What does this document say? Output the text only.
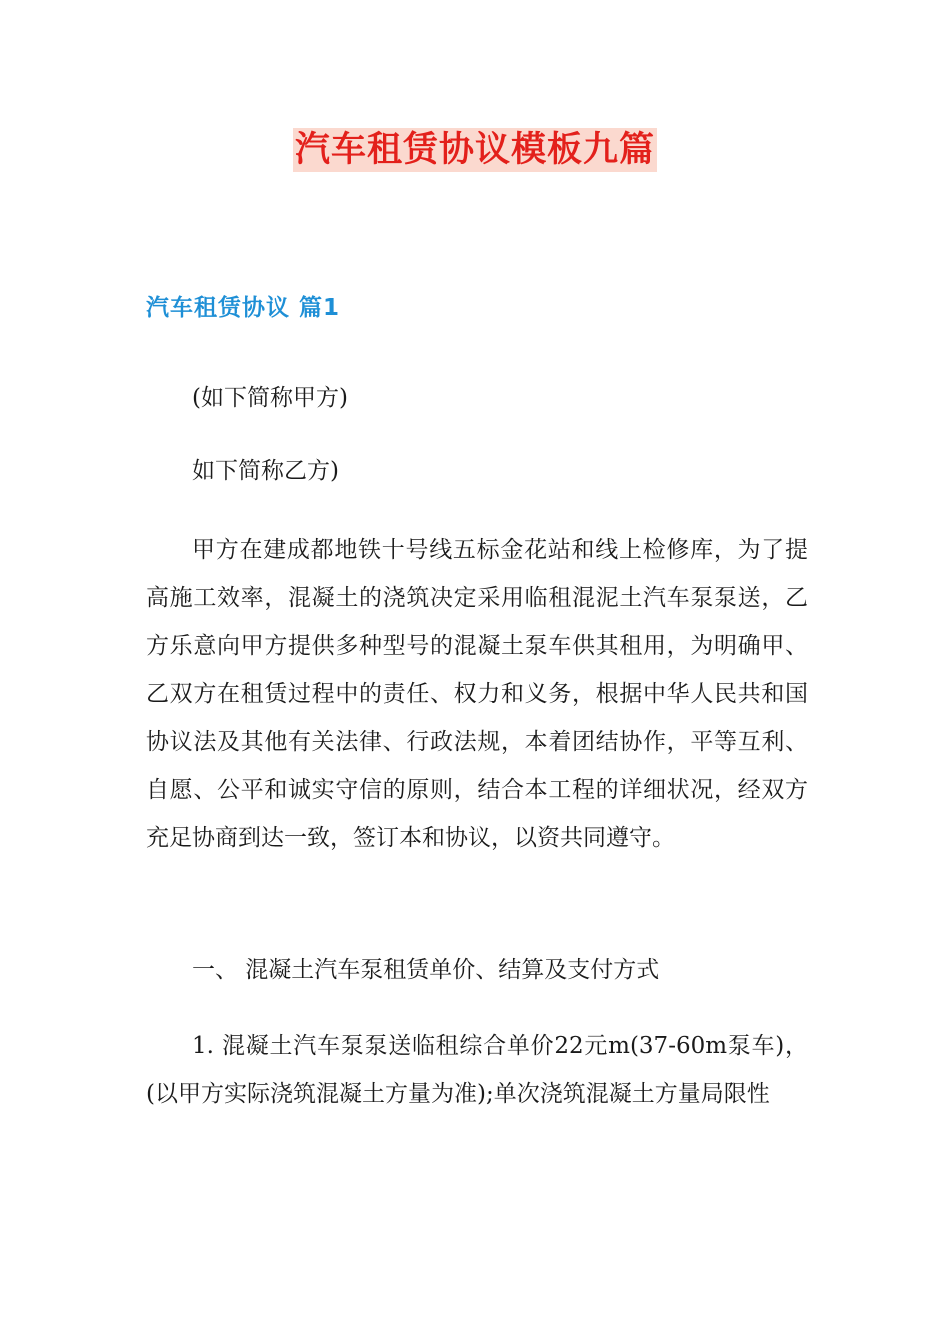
汽车租赁协议模板九篇
汽车租赁协议 篇1

(如下简称甲方)

如下简称乙方)

甲方在建成都地铁十号线五标金花站和线上检修库，为了提高施工效率，混凝土的浇筑决定采用临租混泥土汽车泵泵送，乙方乐意向甲方提供多种型号的混凝土泵车供其租用，为明确甲、乙双方在租赁过程中的责任、权力和义务，根据中华人民共和国协议法及其他有关法律、行政法规，本着团结协作，平等互利、自愿、公平和诚实守信的原则，结合本工程的详细状况，经双方充足协商到达一致，签订本和协议，以资共同遵守。

一、 混凝土汽车泵租赁单价、结算及支付方式

1. 混凝土汽车泵泵送临租综合单价22元m(37-60m泵车)，(以甲方实际浇筑混凝土方量为准);单次浇筑混凝土方量局限性
